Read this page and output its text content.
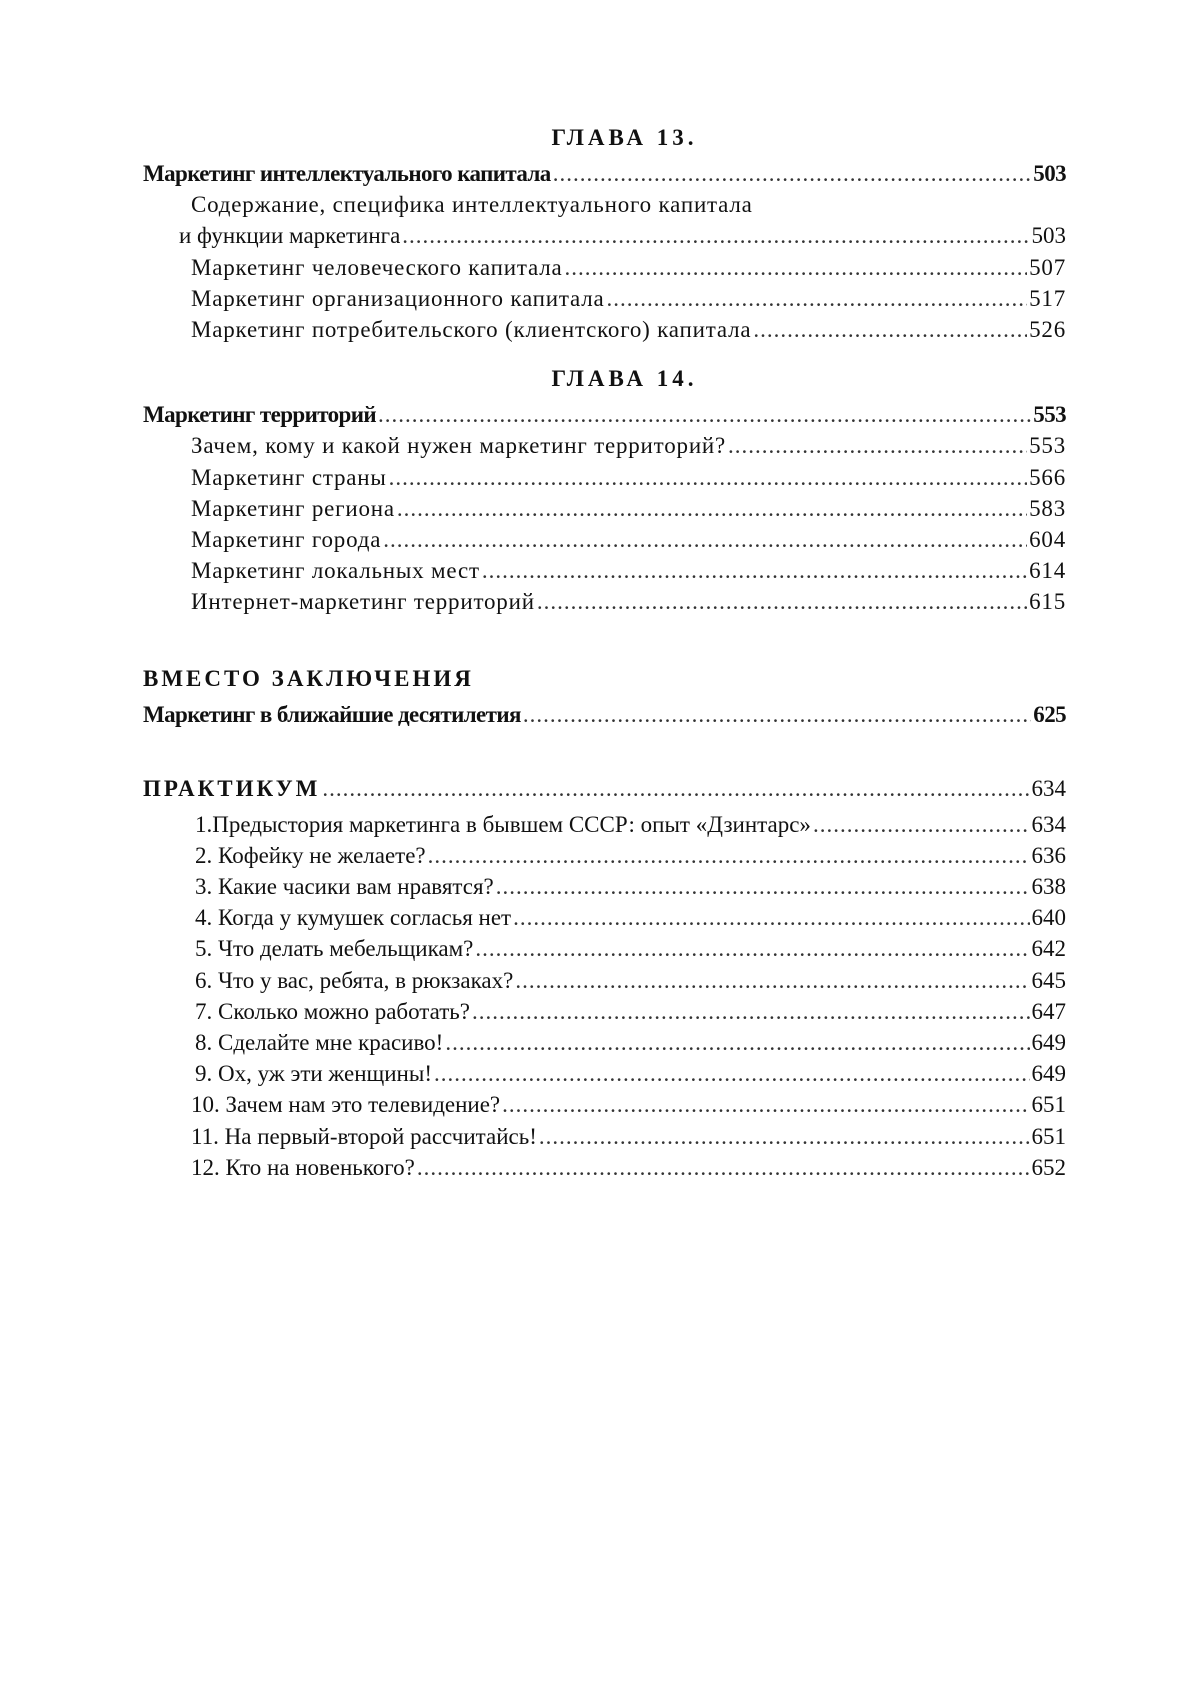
ГЛАВА 13.
Маркетинг интеллектуального капитала .....	503
Содержание, специфика интеллектуального капитала
и функции маркетинга .....	503
Маркетинг человеческого капитала .....	507
Маркетинг организационного капитала .....	517
Маркетинг потребительского (клиентского) капитала .....	526
ГЛАВА 14.
Маркетинг территорий .....	553
Зачем, кому и какой нужен маркетинг территорий? .....	553
Маркетинг страны .....	566
Маркетинг региона .....	583
Маркетинг города .....	604
Маркетинг локальных мест .....	614
Интернет-маркетинг территорий .....	615
ВМЕСТО ЗАКЛЮЧЕНИЯ
Маркетинг в ближайшие десятилетия .....	625
ПРАКТИКУМ .....	634
1.Предыстория маркетинга в бывшем СССР: опыт «Дзинтарс» .....	634
2. Кофейку не желаете? .....	636
3. Какие часики вам нравятся? .....	638
4. Когда у кумушек согласья нет .....	640
5. Что делать мебельщикам? .....	642
6. Что у вас, ребята, в рюкзаках? .....	645
7. Сколько можно работать? .....	647
8. Сделайте мне красиво! .....	649
9. Ох, уж эти женщины! .....	649
10. Зачем нам это телевидение? .....	651
11. На первый-второй рассчитайсь! .....	651
12. Кто на новенького? .....	652
